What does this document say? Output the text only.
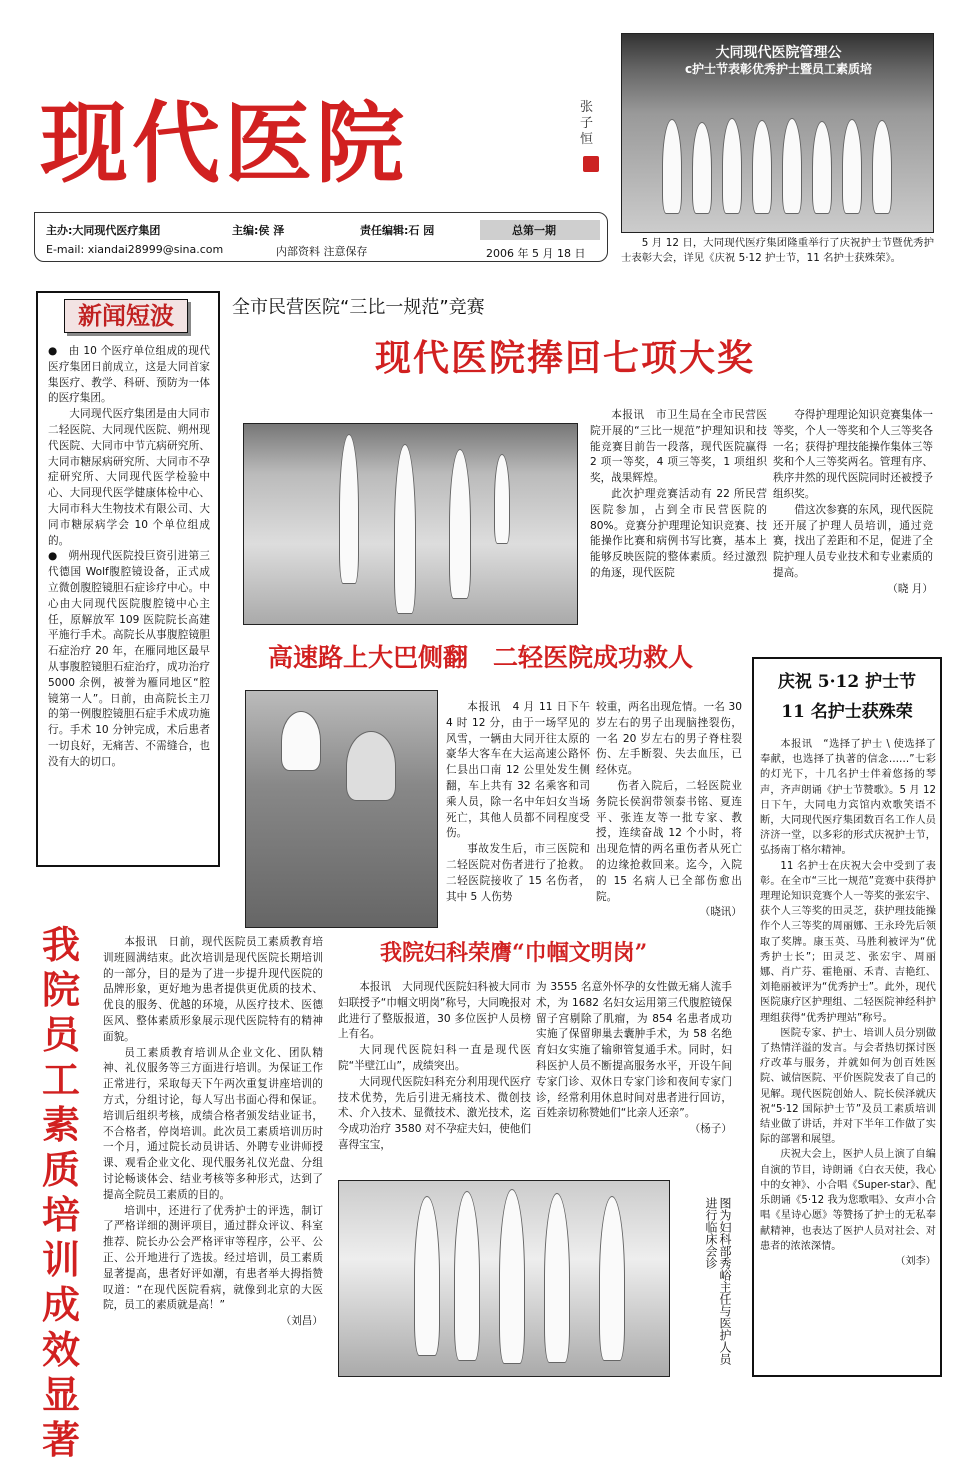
现代医院	张子恒
主办:大同现代医疗集团	主编:侯 泽	责任编辑:石 园	总第一期
E-mail: xiandai28999@sina.com	内部资料 注意保存	2006 年 5 月 18 日
大同现代医院管理公
c护士节表彰优秀护士暨员工素质培

5 月 12 日，大同现代医疗集团隆重举行了庆祝护士节暨优秀护士表彰大会，详见《庆祝 5·12 护士节，11 名护士获殊荣》。

新闻短波

●　由 10 个医疗单位组成的现代医疗集团日前成立，这是大同首家集医疗、教学、科研、预防为一体的医疗集团。

大同现代医疗集团是由大同市二轻医院、大同现代医院、朔州现代医院、大同市中节亢病研究所、大同市糖尿病研究所、大同市不孕症研究所、大同现代医学检验中心、大同现代医学健康体检中心、大同市科大生物技术有限公司、大同市糖尿病学会 10 个单位组成的。

●　朔州现代医院投巨资引进第三代德国 Wolf腹腔镜设备，正式成立微创腹腔镜胆石症诊疗中心。中心由大同现代医院腹腔镜中心主任，原解放军 109 医院院长高建平施行手术。高院长从事腹腔镜胆石症治疗 20 年，在雁同地区最早从事腹腔镜胆石症治疗，成功治疗 5000 余例，被誉为雁同地区“腔镜第一人”。日前，由高院长主刀的第一例腹腔镜胆石症手术成功施行。手术 10 分钟完成，术后患者一切良好，无痛苦、不需缝合，也没有大的切口。

全市民营医院“三比一规范”竞赛
现代医院捧回七项大奖

本报讯　市卫生局在全市民营医院开展的“三比一规范”护理知识和技能竞赛目前告一段落，现代医院赢得 2 项一等奖，4 项三等奖，1 项组织奖，战果辉煌。

此次护理竞赛活动有 22 所民营医院参加，占到全市民营医院的 80%。竞赛分护理理论知识竞赛、技能操作比赛和病例书写比赛，基本上能够反映医院的整体素质。经过激烈的角逐，现代医院

夺得护理理论知识竞赛集体一等奖，个人一等奖和个人三等奖各一名；获得护理技能操作集体三等奖和个人三等奖两名。管理有序、秩序井然的现代医院同时还被授予组织奖。

借这次参赛的东风，现代医院还开展了护理人员培训，通过竞赛，找出了差距和不足，促进了全院护理人员专业技术和专业素质的提高。

（晓 月）

高速路上大巴侧翻　二轻医院成功救人

本报讯　4 月 11 日下午 4 时 12 分，由于一场罕见的风雪，一辆由大同开往太原的豪华大客车在大运高速公路怀仁县出口南 12 公里处发生侧翻，车上共有 32 名乘客和司乘人员，除一名中年妇女当场死亡，其他人员都不同程度受伤。

事故发生后，市三医院和二轻医院对伤者进行了抢救。二轻医院接收了 15 名伤者，其中 5 人伤势

较重，两名出现危情。一名 30 岁左右的男子出现脑挫裂伤，一名 20 岁左右的男子脊柱裂伤、左手断裂、失去血压，已经休克。

伤者入院后，二轻医院业务院长侯润带领泰书铭、夏连平、张连友等一批专家、教授，连续奋战 12 个小时，将出现危情的两名重伤者从死亡的边缘抢救回来。迄今，入院的 15 名病人已全部伤愈出院。

（晓讯）

我院员工素质培训成效显著

本报讯　日前，现代医院员工素质教育培训班圆满结束。此次培训是现代医院长期培训的一部分，目的是为了进一步提升现代医院的品牌形象，更好地为患者提供更优质的技术、优良的服务、优越的环境，从医疗技术、医德医风、整体素质形象展示现代医院特有的精神面貌。

员工素质教育培训从企业文化、团队精神、礼仪服务等三方面进行培训。为保证工作正常进行，采取每天下午两次重复讲座培训的方式，分组讨论，每人写出书面心得和保证。培训后组织考核，成绩合格者颁发结业证书，不合格者，停岗培训。此次员工素质培训历时一个月，通过院长动员讲话、外聘专业讲师授课、观看企业文化、现代服务礼仪光盘、分组讨论畅谈体会、结业考核等多种形式，达到了提高全院员工素质的目的。

培训中，还进行了优秀护士的评选，制订了严格详细的测评项目，通过群众评议、科室推荐、院长办公会严格评审等程序，公平、公正、公开地进行了选拔。经过培训，员工素质显著提高，患者好评如潮，有患者举大拇指赞叹道：“在现代医院看病，就像到北京的大医院，员工的素质就是高！”

（刘昌）

我院妇科荣膺“巾帼文明岗”

本报讯　大同现代医院妇科被大同市妇联授予“巾帼文明岗”称号，大同晚报对此进行了整版报道，30 多位医护人员榜上有名。

大同现代医院妇科一直是现代医院“半壁江山”，成绩突出。

大同现代医院妇科充分利用现代医疗技术优势，先后引进无痛技术、微创技术、介入技术、显微技术、激光技术，迄今成功治疗 3580 对不孕症夫妇，使他们喜得宝宝，

为 3555 名意外怀孕的女性做无痛人流手术，为 1682 名妇女运用第三代腹腔镜保留子宫剔除了肌瘤，为 854 名患者成功实施了保留卵巢去囊肿手术，为 58 名绝育妇女实施了输卵管复通手术。同时，妇科医护人员不断提高服务水平，开设午间专家门诊、双休日专家门诊和夜间专家门诊，经常利用休息时间对患者进行回访，百姓亲切称赞她们“比亲人还亲”。

（杨子）

图为妇科部秀峪主任与医护人员进行临床会诊
庆祝 5·12 护士节
11 名护士获殊荣

本报讯　“选择了护士 \ 使选择了奉献，也选择了执著的信念……”七彩的灯光下，十几名护士伴着悠扬的琴声，齐声朗诵《护士节赞歌》。5 月 12 日下午，大同电力宾馆内欢歌笑语不断，大同现代医疗集团数百名工作人员济济一堂，以多彩的形式庆祝护士节，弘扬南丁格尔精神。

11 名护士在庆祝大会中受到了表彰。在全市“三比一规范”竞赛中获得护理理论知识竞赛个人一等奖的张宏宇、获个人三等奖的田灵芝，获护理技能操作个人三等奖的周丽娜、王永玲先后领取了奖牌。康玉英、马胜利被评为“优秀护士长”；田灵芝、张宏宇、周丽娜、肖广芬、霍艳丽、禾青、吉艳红、刘艳丽被评为“优秀护士”。此外，现代医院康疗区护理组、二轻医院神经科护理组获得“优秀护理站”称号。

医院专家、护士、培训人员分别做了热情洋溢的发言。与会者热切探讨医疗改革与服务，并就如何为创百姓医院、诚信医院、平价医院发表了自己的见解。现代医院创始人、院长侯泽就庆祝“5·12 国际护士节”及员工素质培训结业做了讲话，并对下半年工作做了实际的部署和展望。

庆祝大会上，医护人员上演了自编自演的节目，诗朗诵《白衣天使，我心中的女神》、小合唱《Super-star》、配乐朗诵《5·12 我为您歌唱》、女声小合唱《星诗心愿》等赞扬了护士的无私奉献精神，也表达了医护人员对社会、对患者的浓浓深情。

（刘李）
